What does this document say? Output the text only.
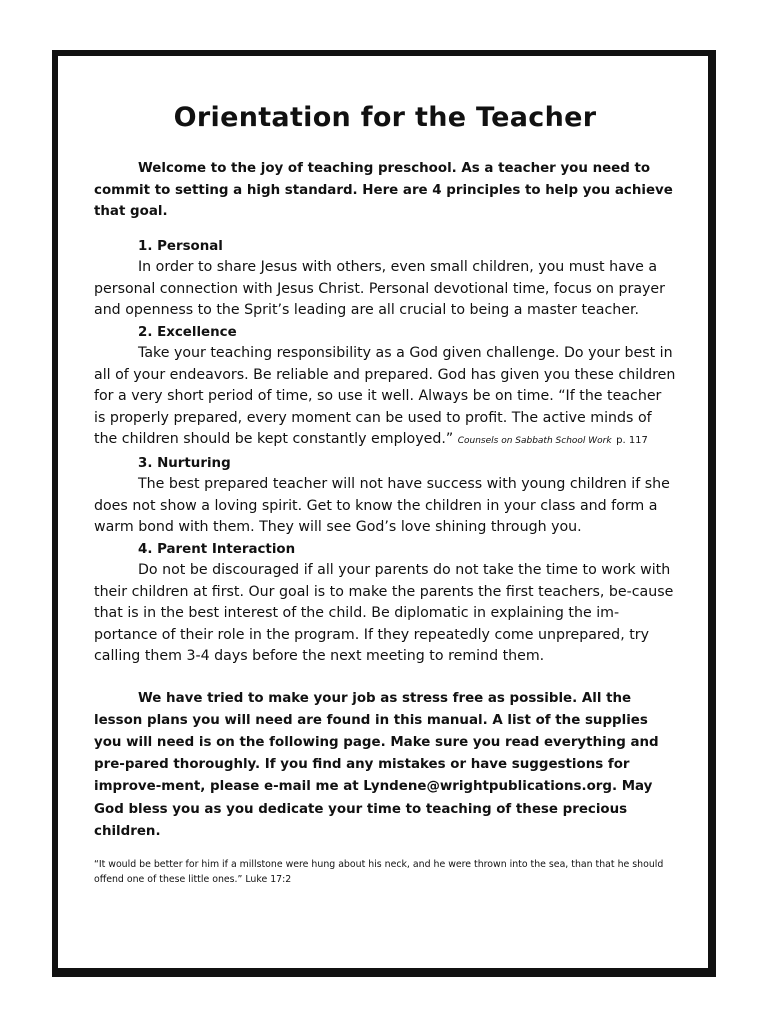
Orientation for the Teacher

Welcome to the joy of teaching preschool. As a teacher you need to commit to setting a high standard. Here are 4 principles to help you achieve that goal.

1. Personal

In order to share Jesus with others, even small children, you must have a personal connection with Jesus Christ. Personal devotional time, focus on prayer and openness to the Sprit’s leading are all crucial to being a master teacher.

2. Excellence

Take your teaching responsibility as a God given challenge. Do your best in all of your endeavors. Be reliable and prepared. God has given you these children for a very short period of time, so use it well. Always be on time. “If the teacher is properly prepared, every moment can be used to profit. The active minds of the children should be kept constantly employed.” Counsels on Sabbath School Work p. 117

3. Nurturing

The best prepared teacher will not have success with young children if she does not show a loving spirit. Get to know the children in your class and form a warm bond with them. They will see God’s love shining through you.

4. Parent Interaction

Do not be discouraged if all your parents do not take the time to work with their children at first. Our goal is to make the parents the first teachers, be-cause that is in the best interest of the child. Be diplomatic in explaining the im-portance of their role in the program. If they repeatedly come unprepared, try calling them 3-4 days before the next meeting to remind them.

We have tried to make your job as stress free as possible. All the lesson plans you will need are found in this manual. A list of the supplies you will need is on the following page. Make sure you read everything and pre-pared thoroughly. If you find any mistakes or have suggestions for improve-ment, please e-mail me at Lyndene@wrightpublications.org. May God bless you as you dedicate your time to teaching of these precious children.

“It would be better for him if a millstone were hung about his neck, and he were thrown into the sea, than that he should offend one of these little ones.” Luke 17:2
